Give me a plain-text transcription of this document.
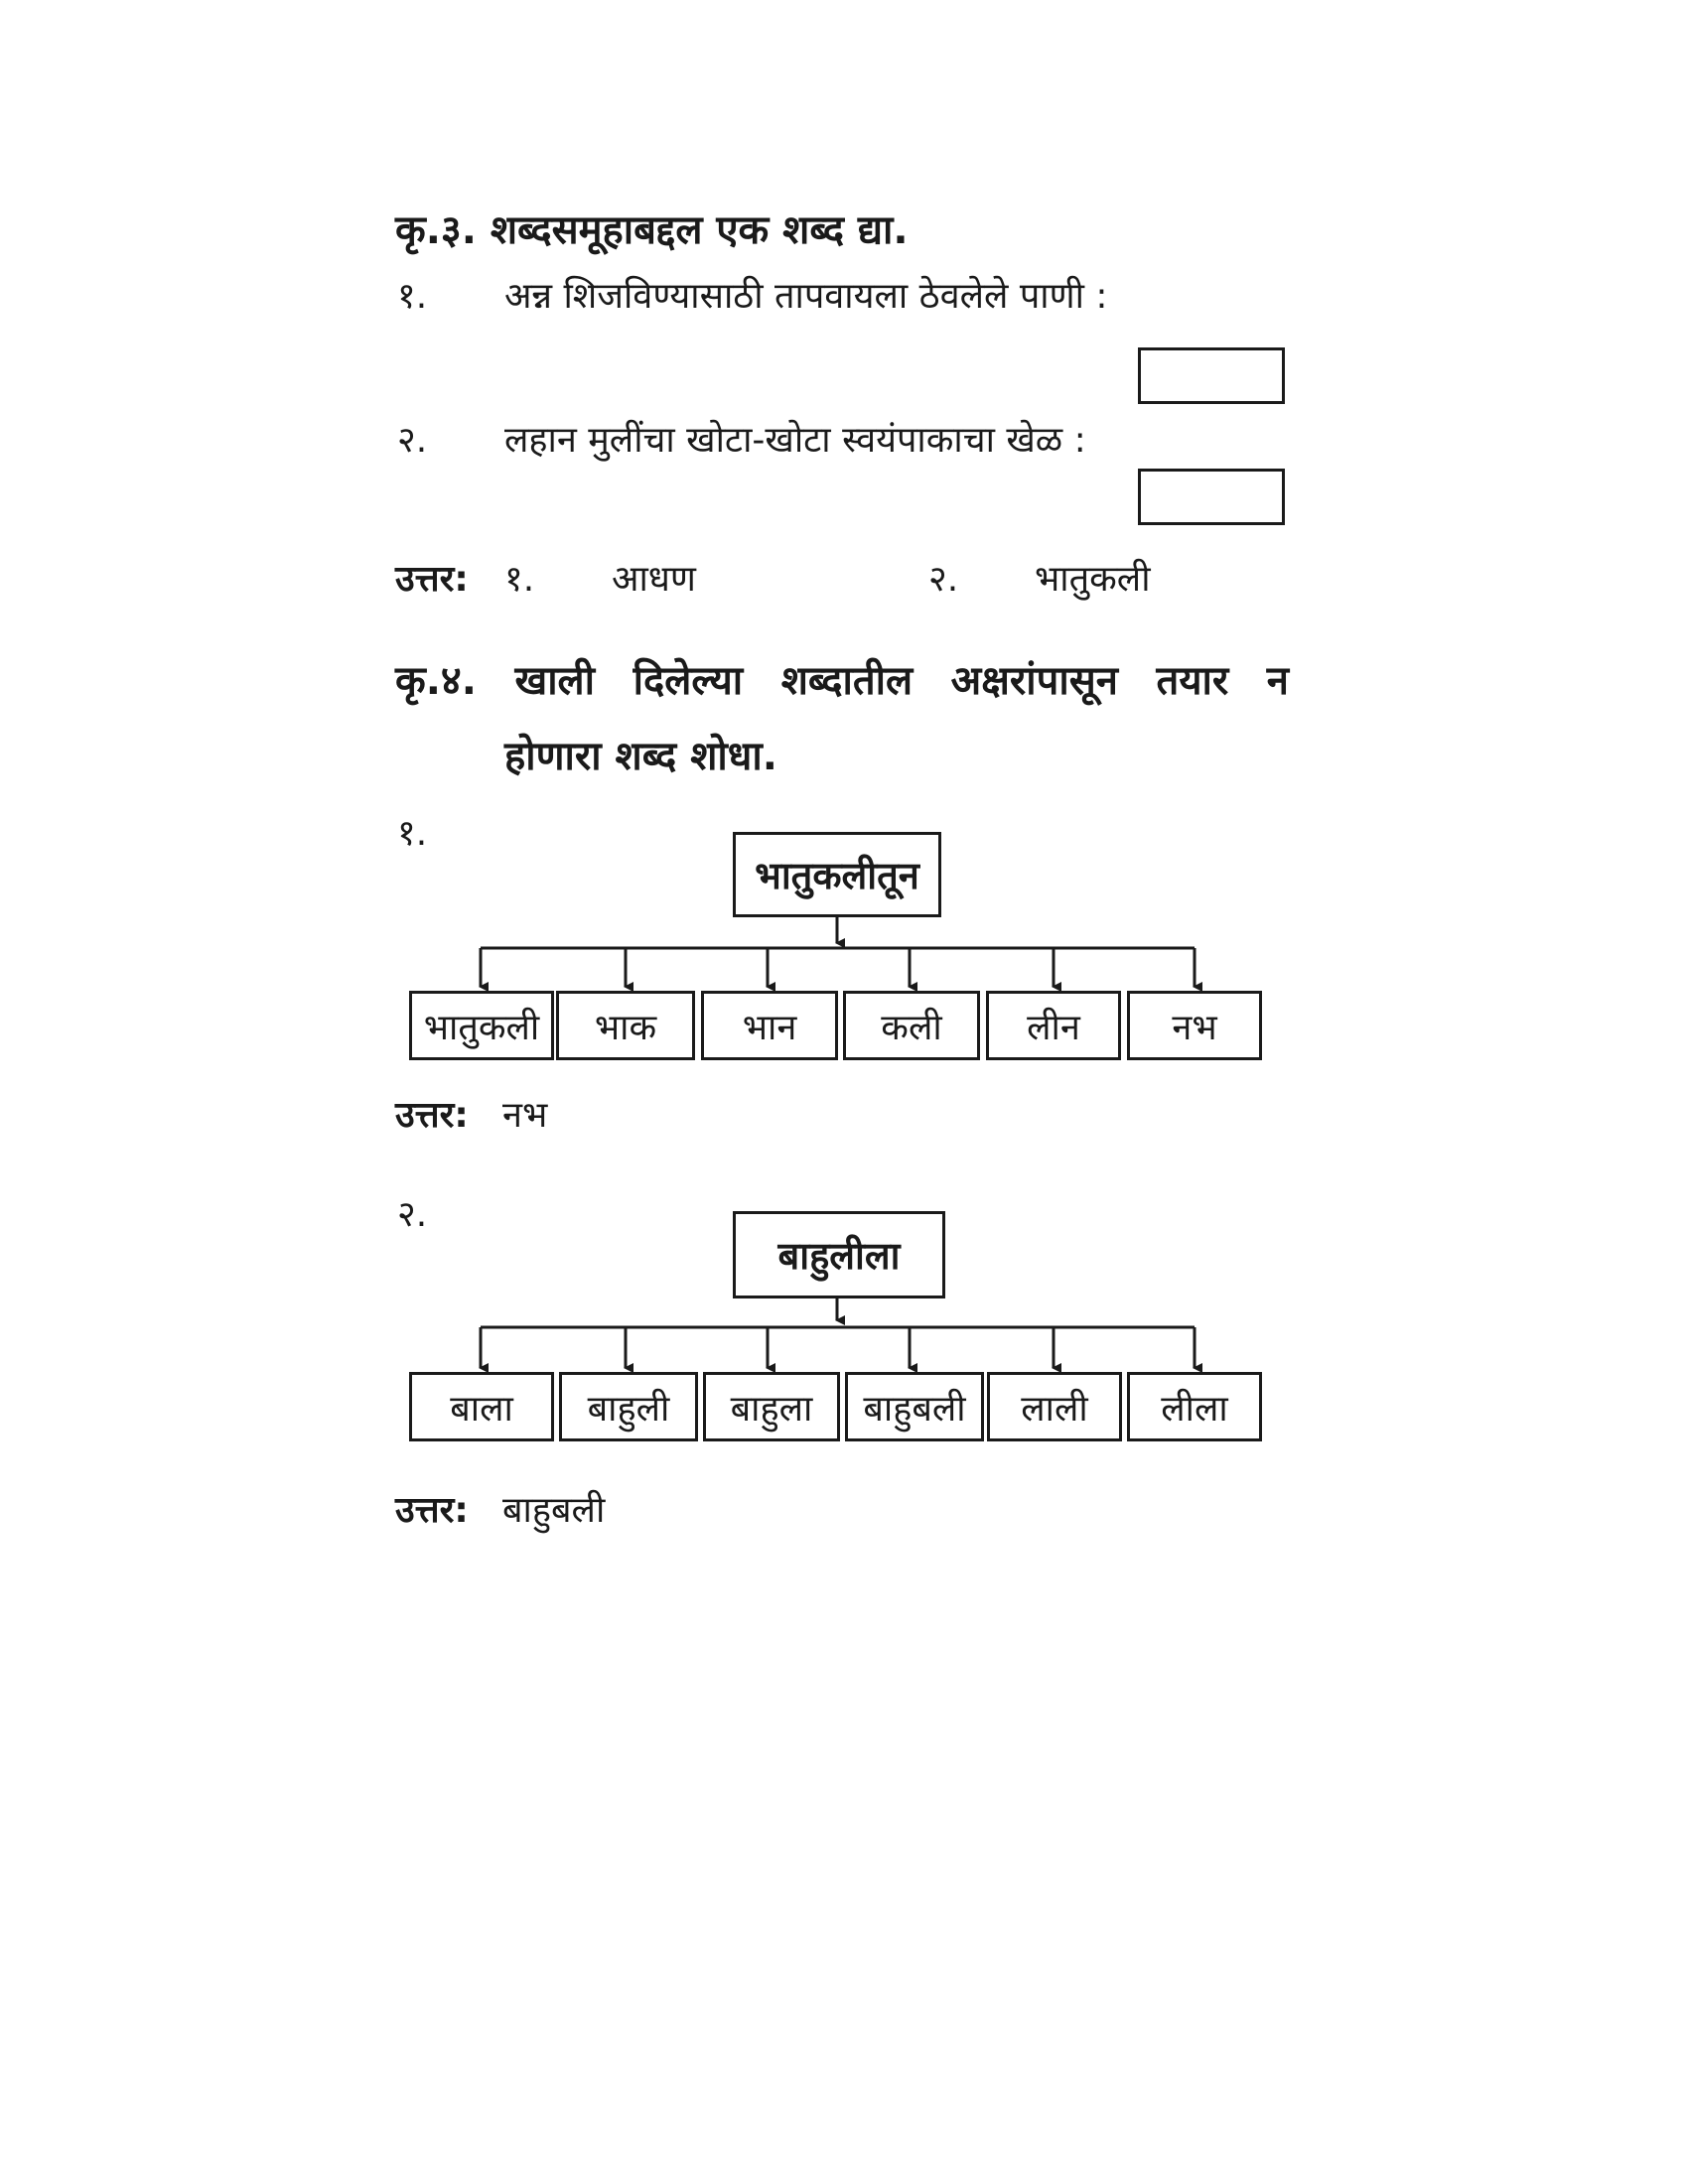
कृ.३. शब्दसमूहाबद्दल एक शब्द द्या.
१. अन्न शिजविण्यासाठी तापवायला ठेवलेले पाणी :
२. लहान मुलींचा खोटा-खोटा स्वयंपाकाचा खेळ :
उत्तर: १. आधण	२. भातुकली
कृ.४. खाली दिलेल्या शब्दातील अक्षरांपासून तयार न
होणारा शब्द शोधा.
१.
भातुकलीतून
भातुकली भाक भान कली लीन	नभ
उत्तर: नभ
२.
बाहुलीला
बाला बाहुली बाहुला बाहुबली लाली लीला
उत्तर: बाहुबली
